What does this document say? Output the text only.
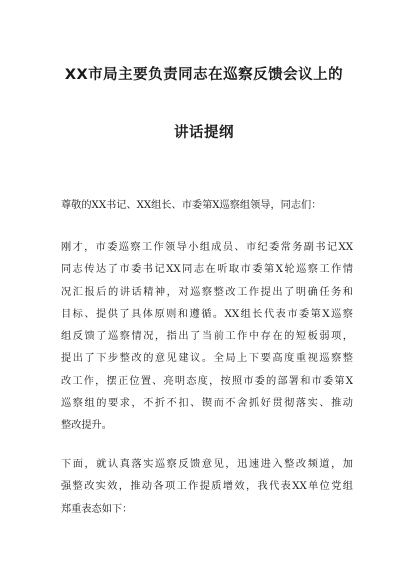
XX市局主要负责同志在巡察反馈会议上的
讲话提纲
尊敬的XX书记、XX组长、市委第X巡察组领导，同志们：
刚才，市委巡察工作领导小组成员、市纪委常务副书记XX
同志传达了市委书记XX同志在听取市委第X轮巡察工作情
况汇报后的讲话精神，对巡察整改工作提出了明确任务和
目标、提供了具体原则和遵循。XX组长代表市委第X巡察
组反馈了巡察情况，指出了当前工作中存在的短板弱项，
提出了下步整改的意见建议。全局上下要高度重视巡察整
改工作，摆正位置、亮明态度，按照市委的部署和市委第X
巡察组的要求，不折不扣、锲而不舍抓好贯彻落实、推动
整改提升。
下面，就认真落实巡察反馈意见，迅速进入整改频道，加
强整改实效，推动各项工作提质增效，我代表XX单位党组
郑重表态如下：
